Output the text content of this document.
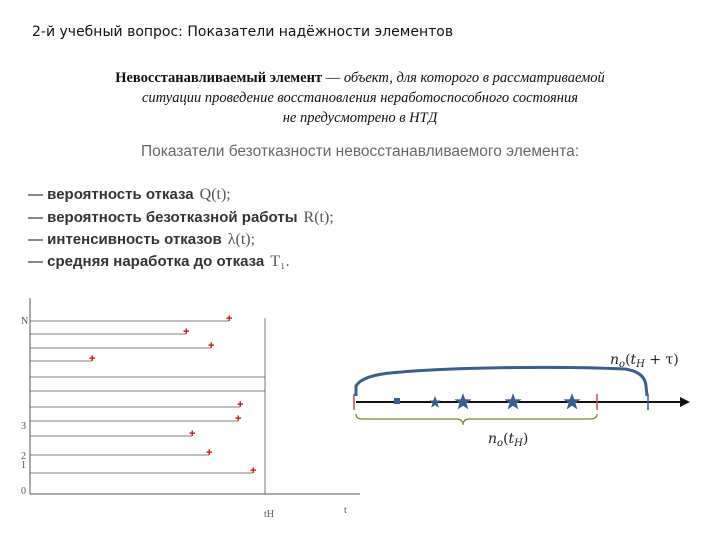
2-й учебный вопрос: Показатели надёжности элементов
Невосстанавливаемый элемент — объект, для которого в рассматриваемой
ситуации проведение восстановления неработоспособного состояния
не предусмотрено в НТД
Показатели безотказности невосстанавливаемого элемента:
— вероятность отказа Q(t);
— вероятность безотказной работы R(t);
— интенсивность отказов λ(t);
— средняя наработка до отказа T₁.
+
+
+
+
+
+
+
+
+
N
3
2
1
0
tН	t
no(tH + τ)
no(tH)
